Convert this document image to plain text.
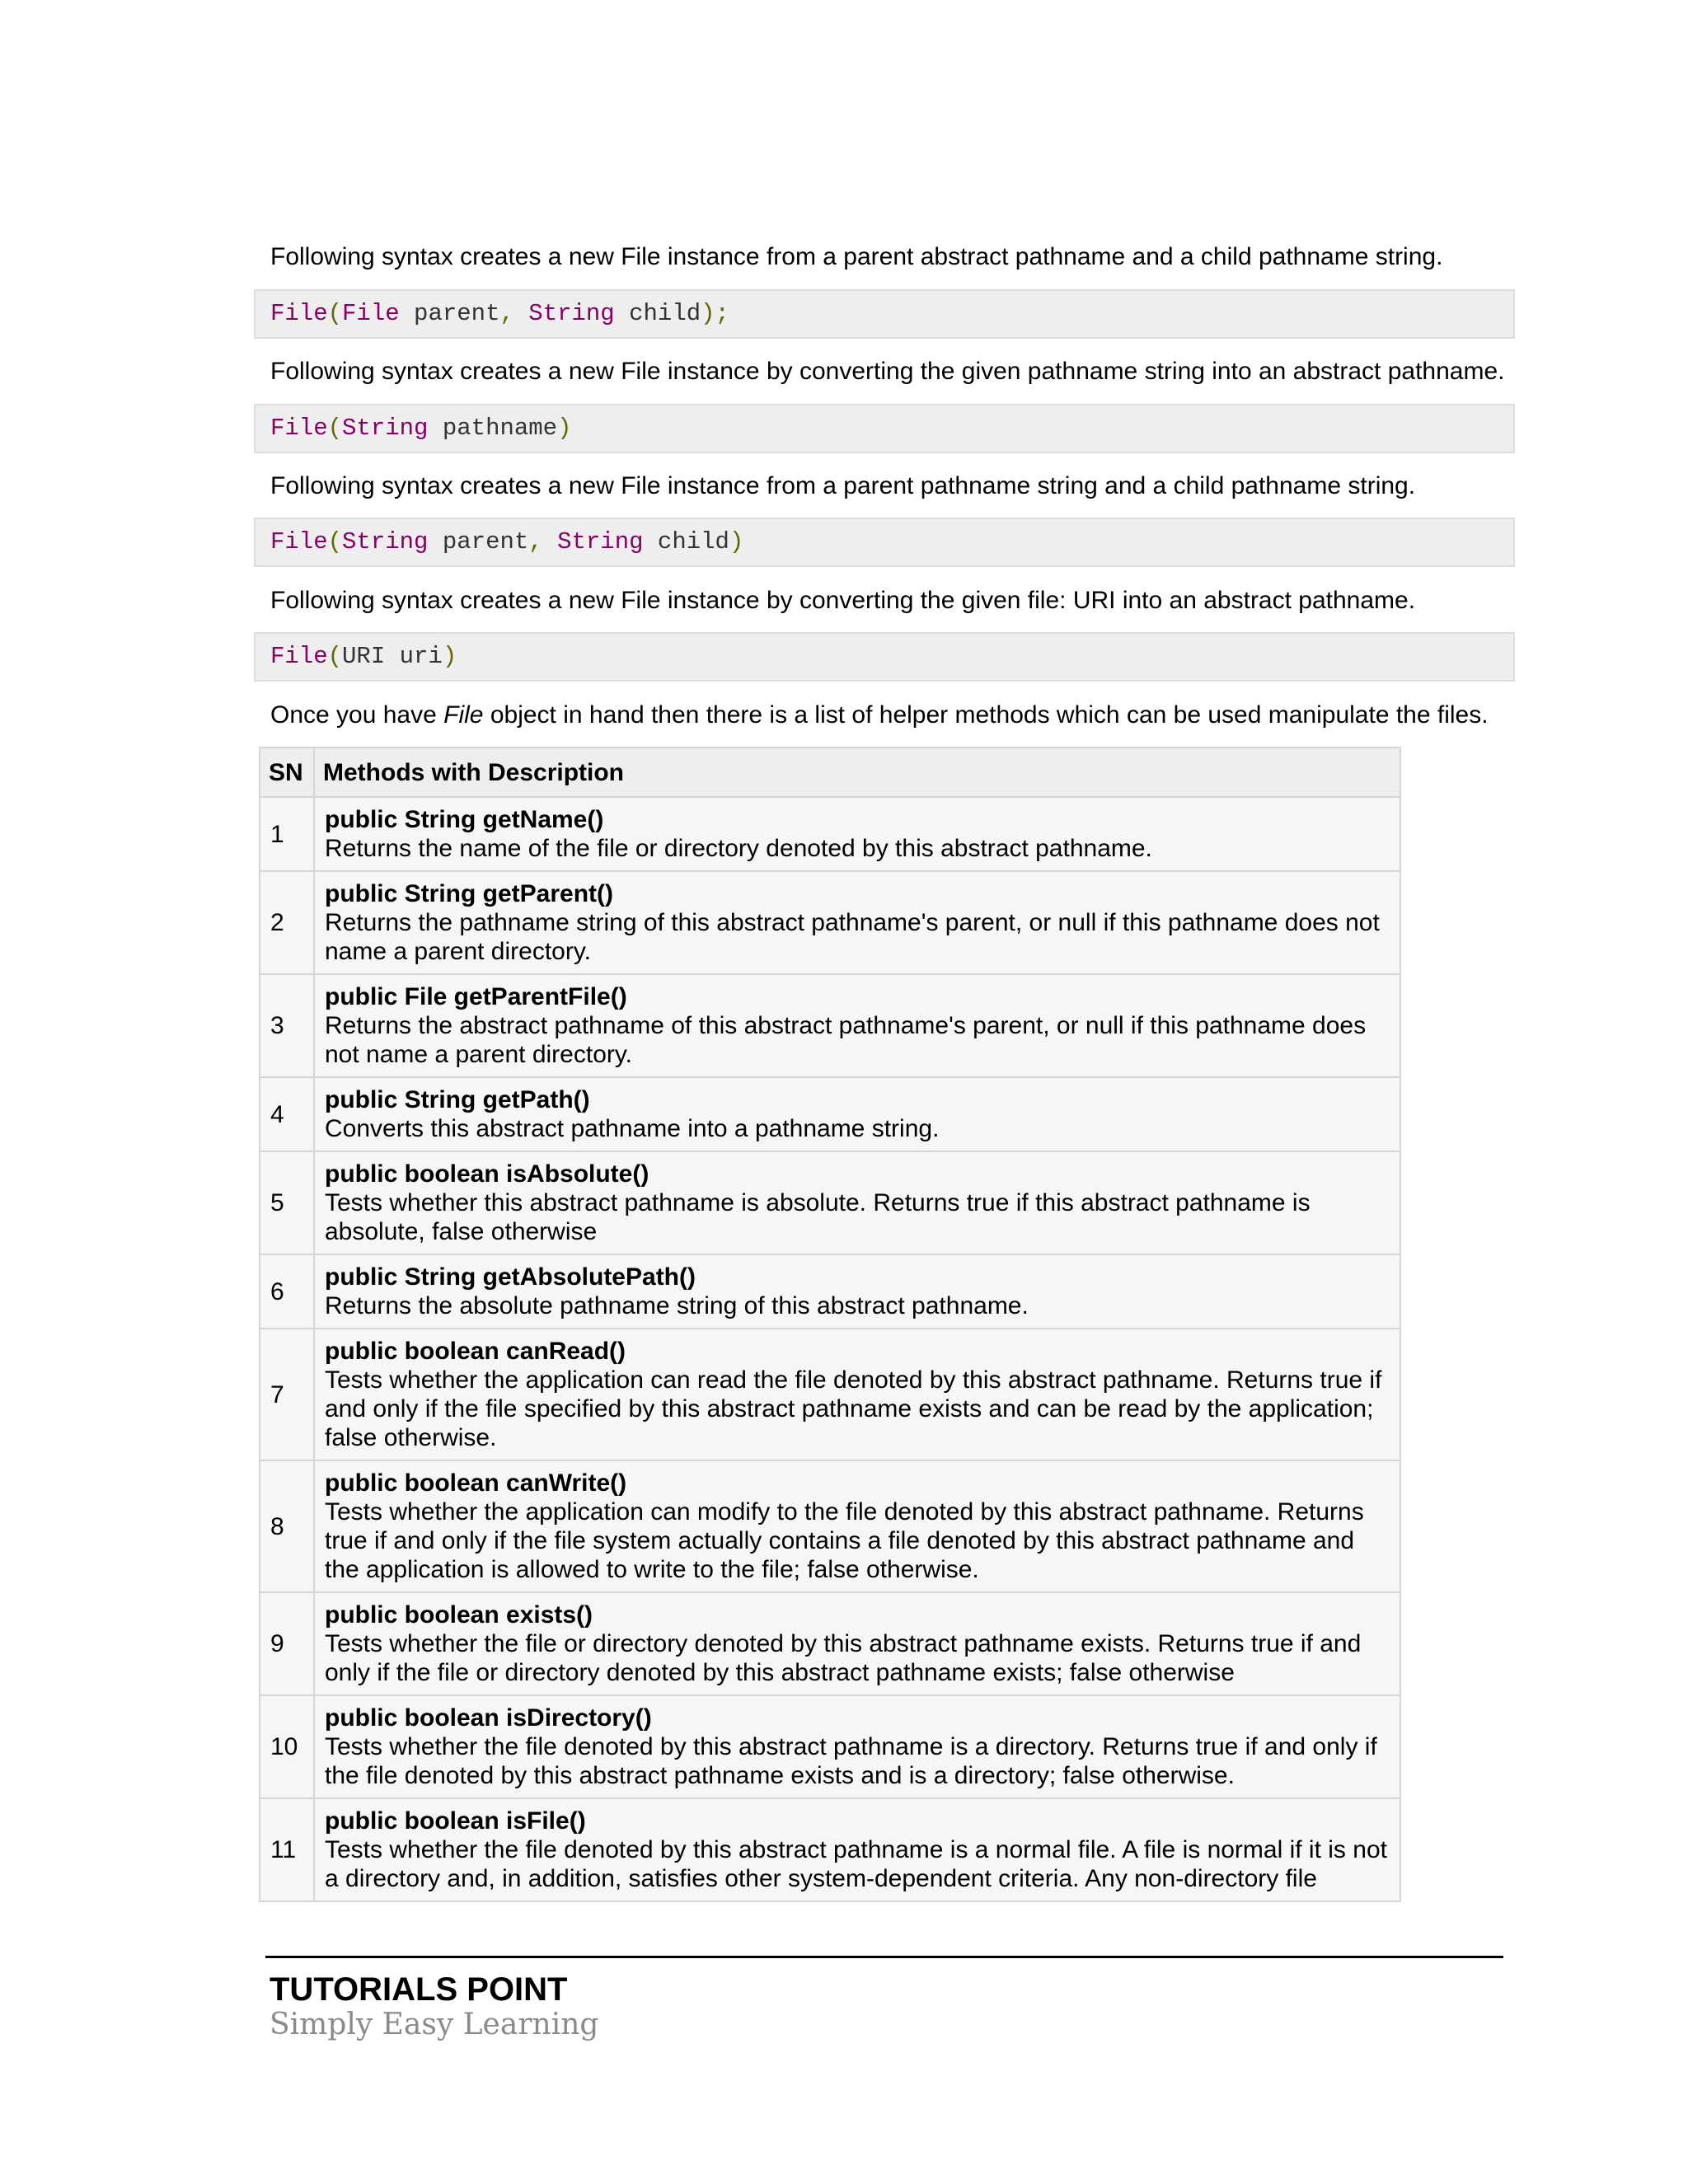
Following syntax creates a new File instance from a parent abstract pathname and a child pathname string.
File(File parent, String child);
Following syntax creates a new File instance by converting the given pathname string into an abstract pathname.
File(String pathname)
Following syntax creates a new File instance from a parent pathname string and a child pathname string.
File(String parent, String child)
Following syntax creates a new File instance by converting the given file: URI into an abstract pathname.
File(URI uri)
Once you have File object in hand then there is a list of helper methods which can be used manipulate the files.
SN	Methods with Description
1	public String getName()
Returns the name of the file or directory denoted by this abstract pathname.

2	public String getParent()
Returns the pathname string of this abstract pathname's parent, or null if this pathname does not name a parent directory.

3	public File getParentFile()
Returns the abstract pathname of this abstract pathname's parent, or null if this pathname does not name a parent directory.

4	public String getPath()
Converts this abstract pathname into a pathname string.

5	public boolean isAbsolute()
Tests whether this abstract pathname is absolute. Returns true if this abstract pathname is absolute, false otherwise

6	public String getAbsolutePath()
Returns the absolute pathname string of this abstract pathname.

7	public boolean canRead()
Tests whether the application can read the file denoted by this abstract pathname. Returns true if and only if the file specified by this abstract pathname exists and can be read by the application; false otherwise.

8	public boolean canWrite()
Tests whether the application can modify to the file denoted by this abstract pathname. Returns true if and only if the file system actually contains a file denoted by this abstract pathname and the application is allowed to write to the file; false otherwise.

9	public boolean exists()
Tests whether the file or directory denoted by this abstract pathname exists. Returns true if and only if the file or directory denoted by this abstract pathname exists; false otherwise

10	public boolean isDirectory()
Tests whether the file denoted by this abstract pathname is a directory. Returns true if and only if the file denoted by this abstract pathname exists and is a directory; false otherwise.

11	public boolean isFile()
Tests whether the file denoted by this abstract pathname is a normal file. A file is normal if it is not a directory and, in addition, satisfies other system-dependent criteria. Any non-directory file
TUTORIALS POINT
Simply Easy Learning
